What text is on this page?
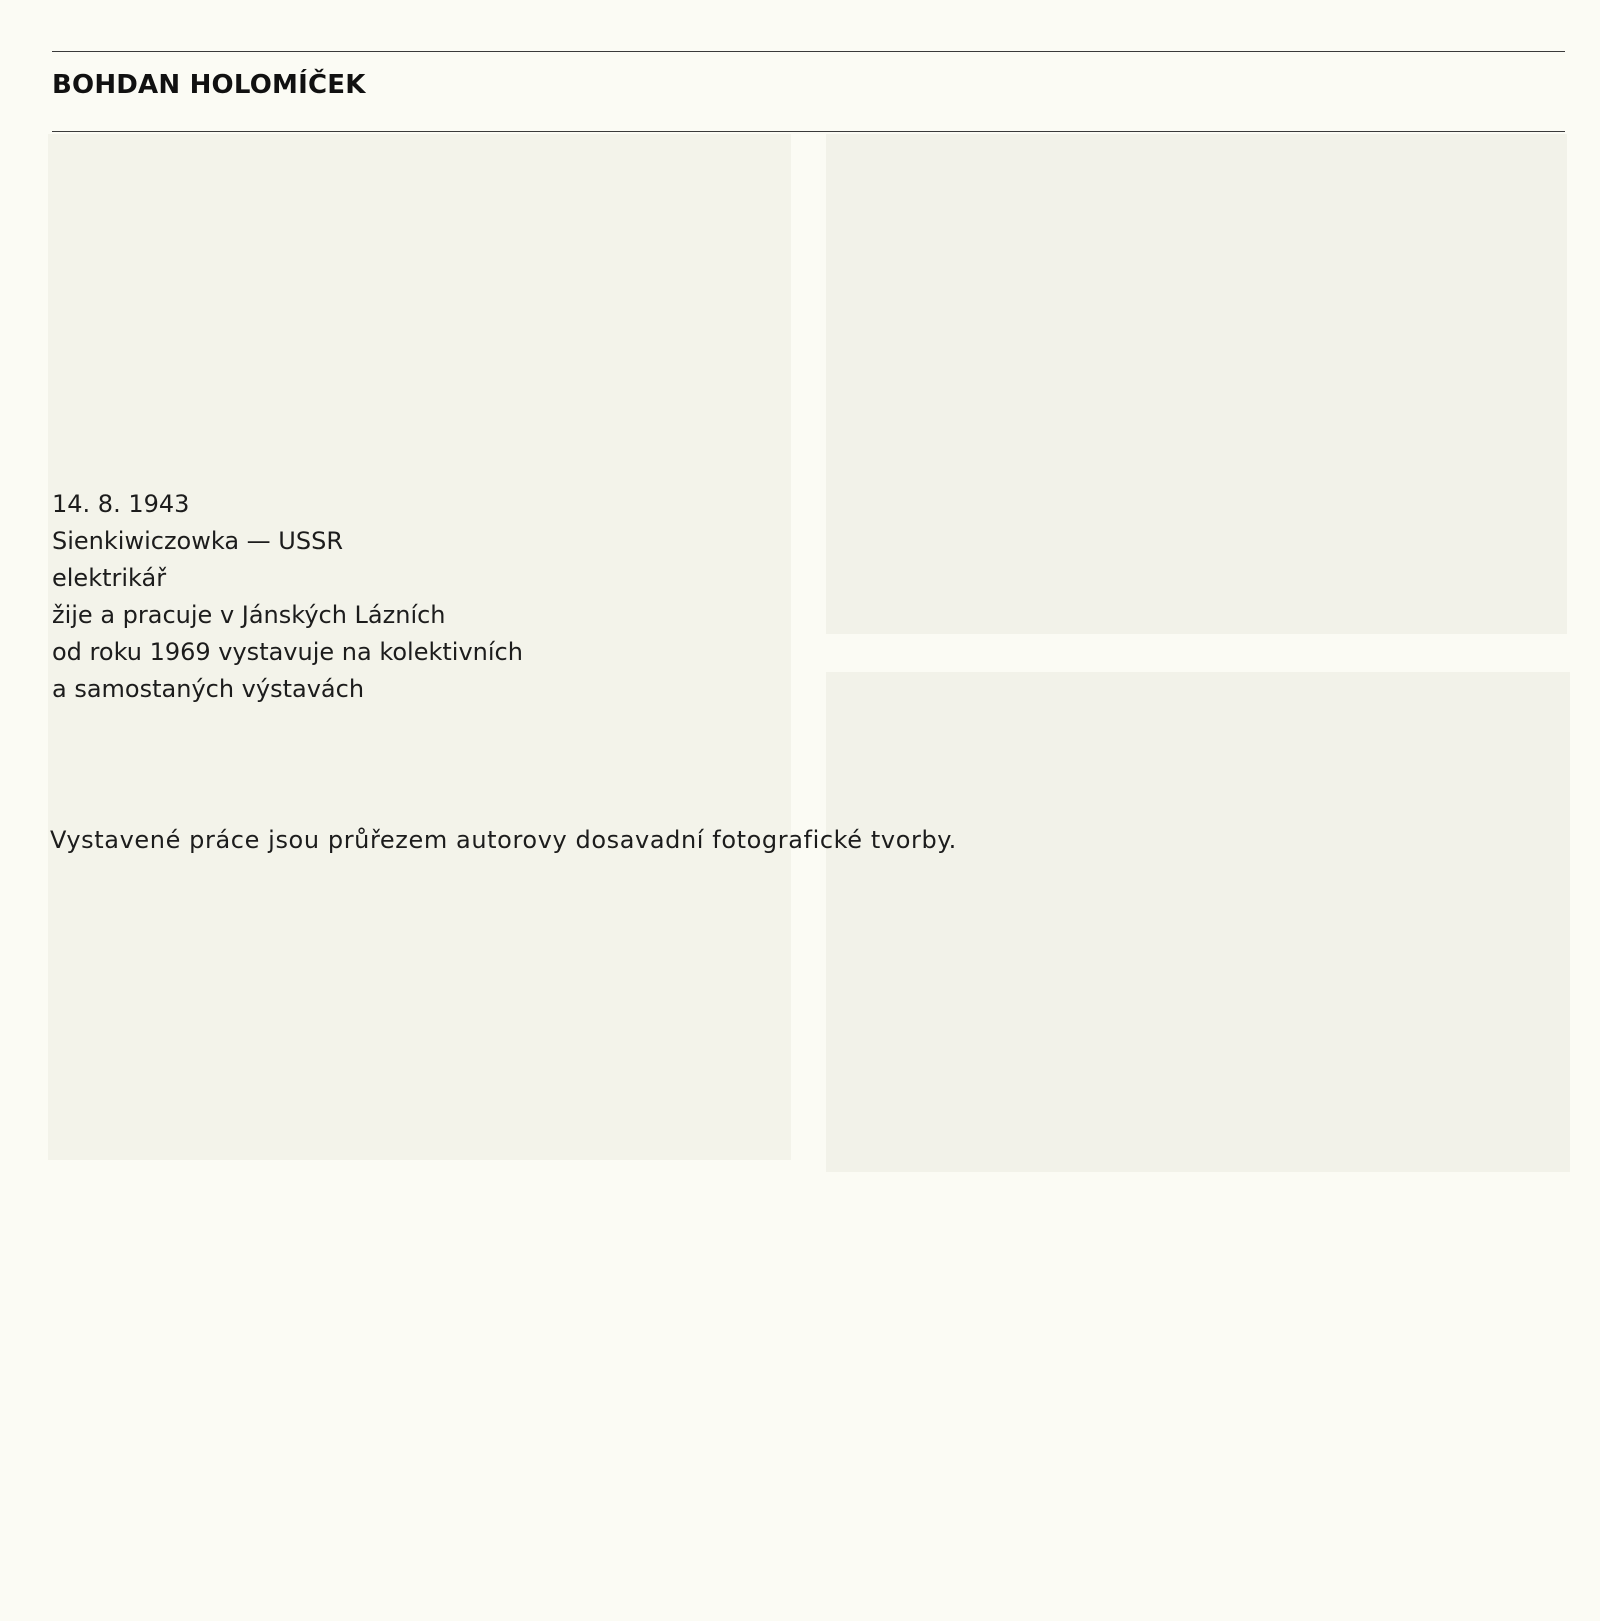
BOHDAN HOLOMÍČEK
14. 8. 1943
Sienkiwiczowka — USSR
elektrikář
žije a pracuje v Jánských Lázních
od roku 1969 vystavuje na kolektivních
a samostaných výstavách

Vystavené práce jsou průřezem autorovy dosavadní fotografické tvorby.
